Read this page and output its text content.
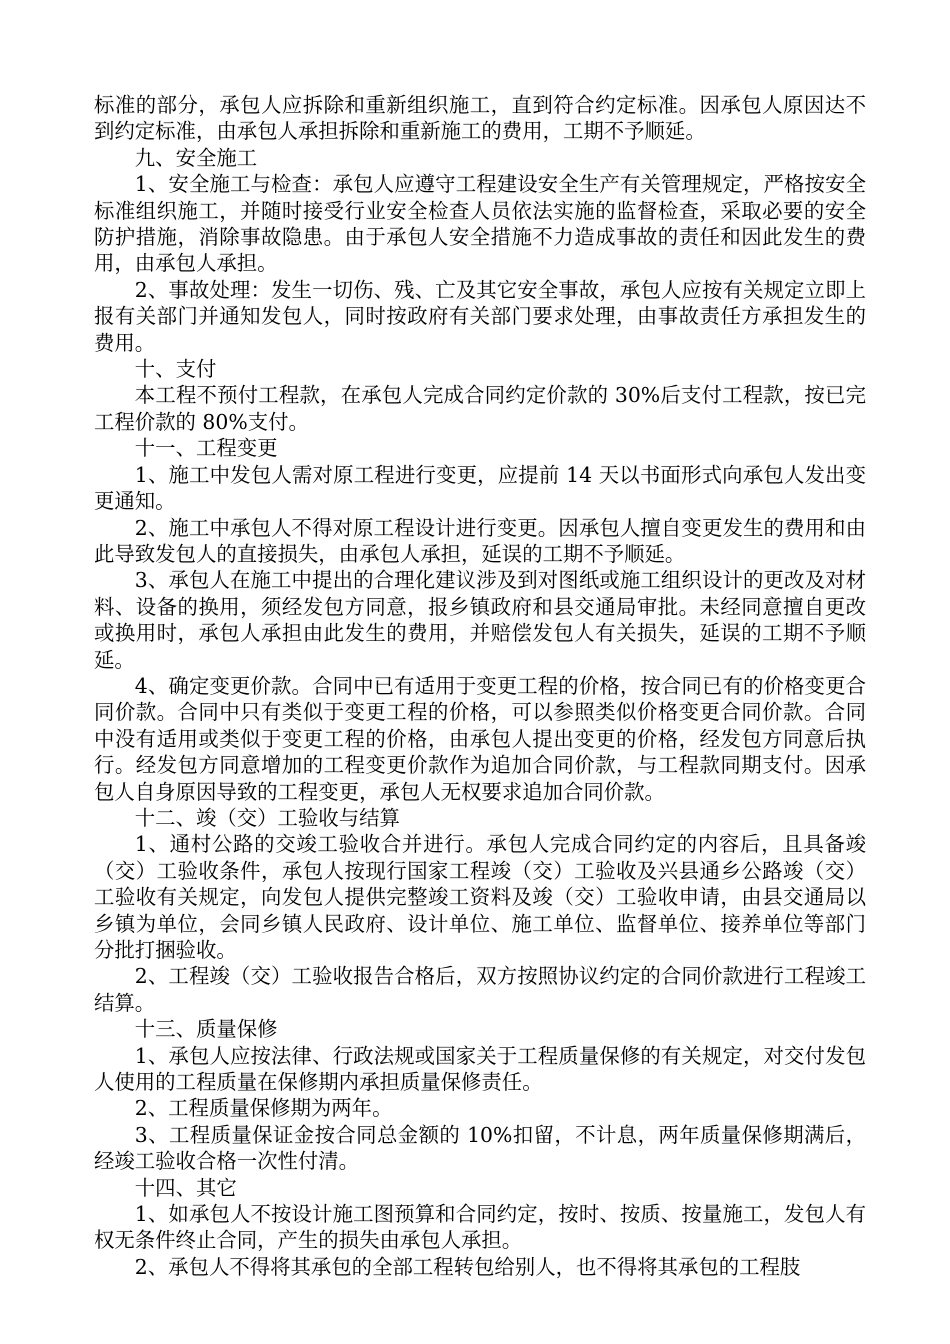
标准的部分，承包人应拆除和重新组织施工，直到符合约定标准。因承包人原因达不到约定标准，由承包人承担拆除和重新施工的费用，工期不予顺延。

九、安全施工

1、安全施工与检查：承包人应遵守工程建设安全生产有关管理规定，严格按安全标准组织施工，并随时接受行业安全检查人员依法实施的监督检查，采取必要的安全防护措施，消除事故隐患。由于承包人安全措施不力造成事故的责任和因此发生的费用，由承包人承担。

2、事故处理：发生一切伤、残、亡及其它安全事故，承包人应按有关规定立即上报有关部门并通知发包人，同时按政府有关部门要求处理，由事故责任方承担发生的费用。

十、支付

本工程不预付工程款，在承包人完成合同约定价款的 30%后支付工程款，按已完工程价款的 80%支付。

十一、工程变更

1、施工中发包人需对原工程进行变更，应提前 14 天以书面形式向承包人发出变更通知。

2、施工中承包人不得对原工程设计进行变更。因承包人擅自变更发生的费用和由此导致发包人的直接损失，由承包人承担，延误的工期不予顺延。

3、承包人在施工中提出的合理化建议涉及到对图纸或施工组织设计的更改及对材料、设备的换用，须经发包方同意，报乡镇政府和县交通局审批。未经同意擅自更改或换用时，承包人承担由此发生的费用，并赔偿发包人有关损失，延误的工期不予顺延。

4、确定变更价款。合同中已有适用于变更工程的价格，按合同已有的价格变更合同价款。合同中只有类似于变更工程的价格，可以参照类似价格变更合同价款。合同中没有适用或类似于变更工程的价格，由承包人提出变更的价格，经发包方同意后执行。经发包方同意增加的工程变更价款作为追加合同价款，与工程款同期支付。因承包人自身原因导致的工程变更，承包人无权要求追加合同价款。

十二、竣（交）工验收与结算

1、通村公路的交竣工验收合并进行。承包人完成合同约定的内容后，且具备竣（交）工验收条件，承包人按现行国家工程竣（交）工验收及兴县通乡公路竣（交）工验收有关规定，向发包人提供完整竣工资料及竣（交）工验收申请，由县交通局以乡镇为单位，会同乡镇人民政府、设计单位、施工单位、监督单位、接养单位等部门分批打捆验收。

2、工程竣（交）工验收报告合格后，双方按照协议约定的合同价款进行工程竣工结算。

十三、质量保修

1、承包人应按法律、行政法规或国家关于工程质量保修的有关规定，对交付发包人使用的工程质量在保修期内承担质量保修责任。

2、工程质量保修期为两年。

3、工程质量保证金按合同总金额的 10%扣留，不计息，两年质量保修期满后，经竣工验收合格一次性付清。

十四、其它

1、如承包人不按设计施工图预算和合同约定，按时、按质、按量施工，发包人有权无条件终止合同，产生的损失由承包人承担。

2、承包人不得将其承包的全部工程转包给别人，也不得将其承包的工程肢
